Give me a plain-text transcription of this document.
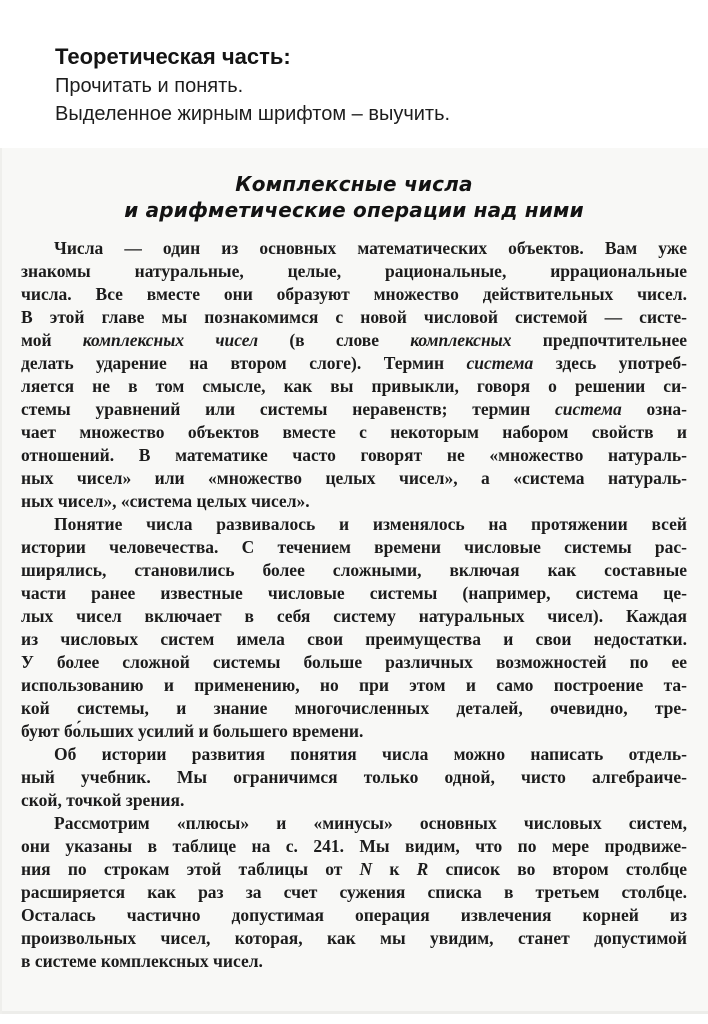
Теоретическая часть:
Прочитать и понять.
Выделенное жирным шрифтом – выучить.
Комплексные числа
и арифметические операции над ними
Числа — один из основных математических объектов. Вам уже
знакомы натуральные, целые, рациональные, иррациональные
числа. Все вместе они образуют множество действительных чисел.
В этой главе мы познакомимся с новой числовой системой — систе-
мой комплексных чисел (в слове комплексных предпочтительнее
делать ударение на втором слоге). Термин система здесь употреб-
ляется не в том смысле, как вы привыкли, говоря о решении си-
стемы уравнений или системы неравенств; термин система озна-
чает множество объектов вместе с некоторым набором свойств и
отношений. В математике часто говорят не «множество натураль-
ных чисел» или «множество целых чисел», а «система натураль-
ных чисел», «система целых чисел».
Понятие числа развивалось и изменялось на протяжении всей
истории человечества. С течением времени числовые системы рас-
ширялись, становились более сложными, включая как составные
части ранее известные числовые системы (например, система це-
лых чисел включает в себя систему натуральных чисел). Каждая
из числовых систем имела свои преимущества и свои недостатки.
У более сложной системы больше различных возможностей по ее
использованию и применению, но при этом и само построение та-
кой системы, и знание многочисленных деталей, очевидно, тре-
буют бо́льших усилий и большего времени.
Об истории развития понятия числа можно написать отдель-
ный учебник. Мы ограничимся только одной, чисто алгебраиче-
ской, точкой зрения.
Рассмотрим «плюсы» и «минусы» основных числовых систем,
они указаны в таблице на с. 241. Мы видим, что по мере продвиже-
ния по строкам этой таблицы от N к R список во втором столбце
расширяется как раз за счет сужения списка в третьем столбце.
Осталась частично допустимая операция извлечения корней из
произвольных чисел, которая, как мы увидим, станет допустимой
в системе комплексных чисел.
